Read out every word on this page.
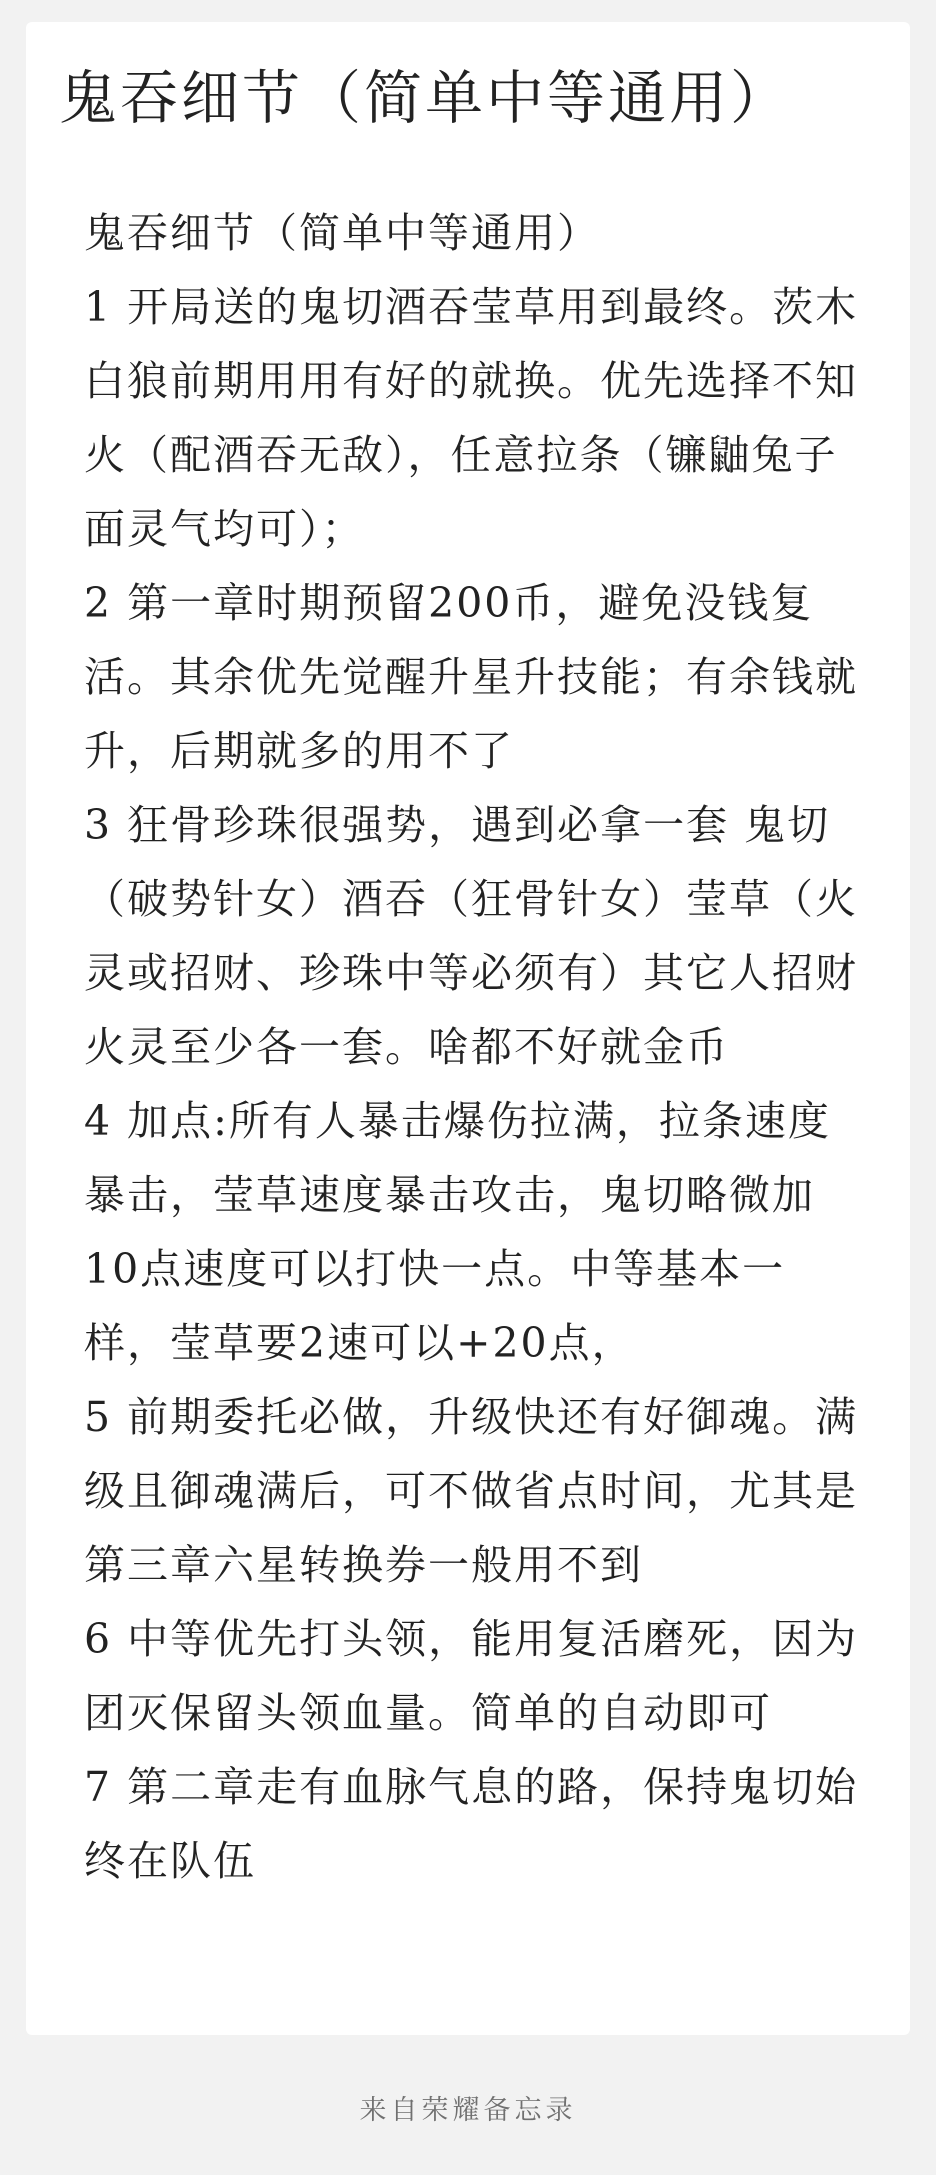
鬼吞细节（简单中等通用）

鬼吞细节（简单中等通用）

1 开局送的鬼切酒吞莹草用到最终。茨木白狼前期用用有好的就换。优先选择不知火（配酒吞无敌），任意拉条（镰鼬兔子面灵气均可）；

2 第一章时期预留200币，避免没钱复活。其余优先觉醒升星升技能；有余钱就升，后期就多的用不了

3 狂骨珍珠很强势，遇到必拿一套 鬼切（破势针女）酒吞（狂骨针女）莹草（火灵或招财、珍珠中等必须有）其它人招财火灵至少各一套。啥都不好就金币

4 加点:所有人暴击爆伤拉满，拉条速度暴击，莹草速度暴击攻击，鬼切略微加10点速度可以打快一点。中等基本一样，莹草要2速可以+20点，

5 前期委托必做，升级快还有好御魂。满级且御魂满后，可不做省点时间，尤其是第三章六星转换券一般用不到

6 中等优先打头领，能用复活磨死，因为团灭保留头领血量。简单的自动即可

7 第二章走有血脉气息的路，保持鬼切始终在队伍

来自荣耀备忘录
